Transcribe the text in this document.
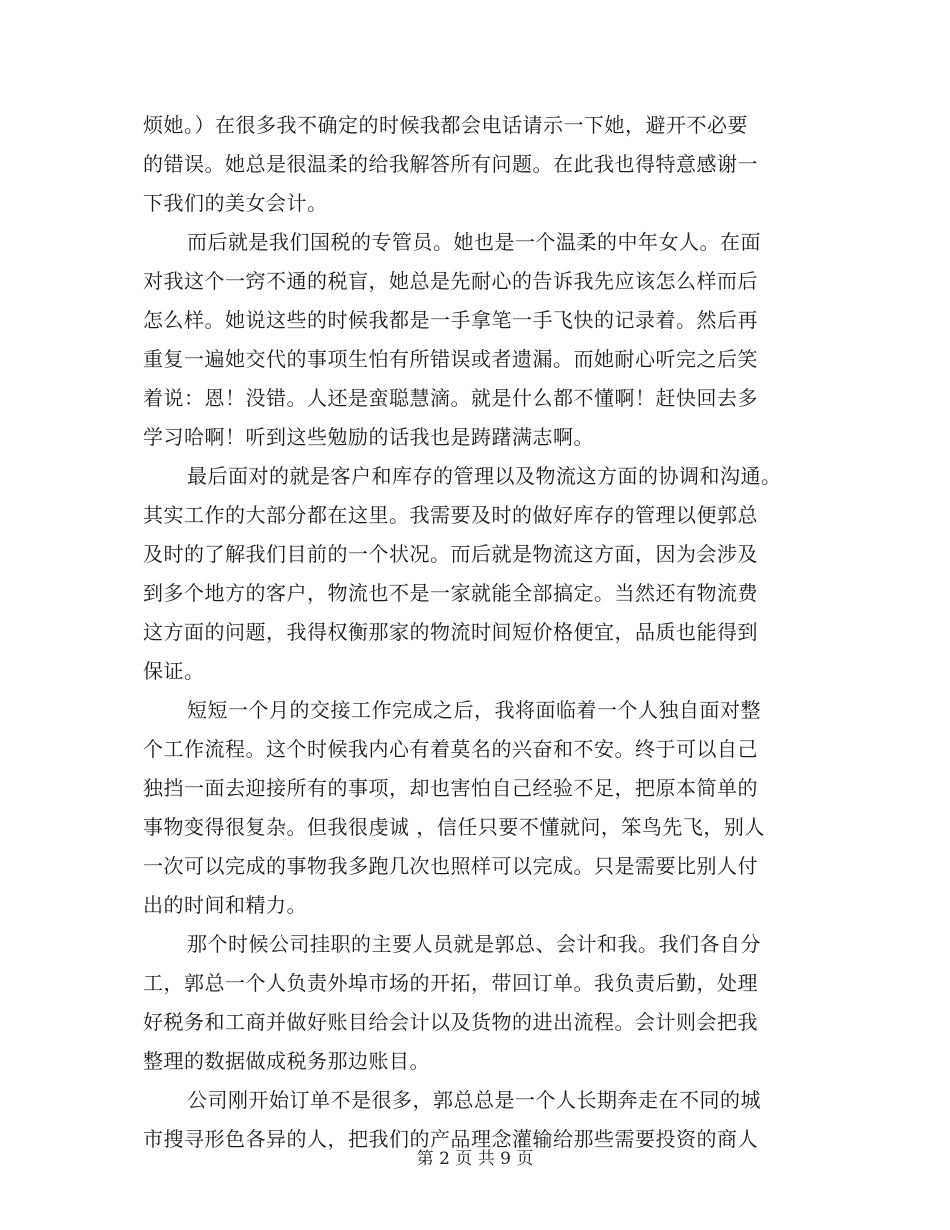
烦她。）在很多我不确定的时候我都会电话请示一下她，避开不必要
的错误。她总是很温柔的给我解答所有问题。在此我也得特意感谢一
下我们的美女会计。
而后就是我们国税的专管员。她也是一个温柔的中年女人。在面
对我这个一窍不通的税盲，她总是先耐心的告诉我先应该怎么样而后
怎么样。她说这些的时候我都是一手拿笔一手飞快的记录着。然后再
重复一遍她交代的事项生怕有所错误或者遗漏。而她耐心听完之后笑
着说：恩！没错。人还是蛮聪慧滴。就是什么都不懂啊！赶快回去多
学习哈啊！听到这些勉励的话我也是踌躇满志啊。
最后面对的就是客户和库存的管理以及物流这方面的协调和沟通。
其实工作的大部分都在这里。我需要及时的做好库存的管理以便郭总
及时的了解我们目前的一个状况。而后就是物流这方面，因为会涉及
到多个地方的客户，物流也不是一家就能全部搞定。当然还有物流费
这方面的问题，我得权衡那家的物流时间短价格便宜，品质也能得到
保证。
短短一个月的交接工作完成之后，我将面临着一个人独自面对整
个工作流程。这个时候我内心有着莫名的兴奋和不安。终于可以自己
独挡一面去迎接所有的事项，却也害怕自己经验不足，把原本简单的
事物变得很复杂。但我很虔诚 ，信任只要不懂就问，笨鸟先飞，别人
一次可以完成的事物我多跑几次也照样可以完成。只是需要比别人付
出的时间和精力。
那个时候公司挂职的主要人员就是郭总、会计和我。我们各自分
工，郭总一个人负责外埠市场的开拓，带回订单。我负责后勤，处理
好税务和工商并做好账目给会计以及货物的进出流程。会计则会把我
整理的数据做成税务那边账目。
公司刚开始订单不是很多，郭总总是一个人长期奔走在不同的城
市搜寻形色各异的人，把我们的产品理念灌输给那些需要投资的商人
第 2 页 共 9 页
